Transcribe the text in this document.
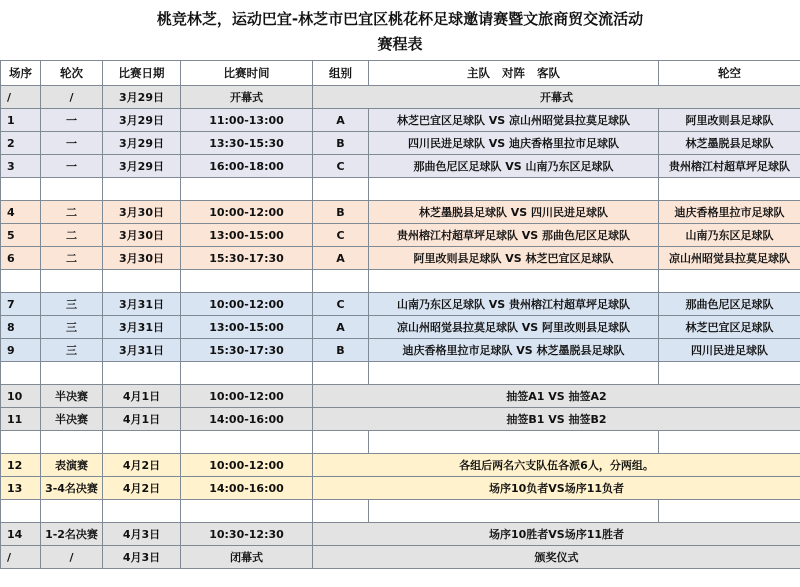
桃竞林芝，运动巴宜-林芝市巴宜区桃花杯足球邀请赛暨文旅商贸交流活动
赛程表
场序	轮次	比赛日期	比赛时间	组别	主队   对阵   客队	轮空
/	/	3月29日	开幕式	开幕式		
1	一	3月29日	11:00-13:00	A	林芝巴宜区足球队 VS 凉山州昭觉县拉莫足球队	阿里改则县足球队
2	一	3月29日	13:30-15:30	B	四川民进足球队 VS 迪庆香格里拉市足球队	林芝墨脱县足球队
3	一	3月29日	16:00-18:00	C	那曲色尼区足球队 VS 山南乃东区足球队	贵州榕江村超草坪足球队

4	二	3月30日	10:00-12:00	B	林芝墨脱县足球队 VS 四川民进足球队	迪庆香格里拉市足球队
5	二	3月30日	13:00-15:00	C	贵州榕江村超草坪足球队 VS 那曲色尼区足球队	山南乃东区足球队
6	二	3月30日	15:30-17:30	A	阿里改则县足球队 VS 林芝巴宜区足球队	凉山州昭觉县拉莫足球队

7	三	3月31日	10:00-12:00	C	山南乃东区足球队 VS 贵州榕江村超草坪足球队	那曲色尼区足球队
8	三	3月31日	13:00-15:00	A	凉山州昭觉县拉莫足球队 VS 阿里改则县足球队	林芝巴宜区足球队
9	三	3月31日	15:30-17:30	B	迪庆香格里拉市足球队 VS 林芝墨脱县足球队	四川民进足球队

10	半决赛	4月1日	10:00-12:00	抽签A1 VS 抽签A2		
11	半决赛	4月1日	14:00-16:00	抽签B1 VS 抽签B2		

12	表演赛	4月2日	10:00-12:00	各组后两名六支队伍各派6人，分两组。		
13	3-4名决赛	4月2日	14:00-16:00	场序10负者VS场序11负者		

14	1-2名决赛	4月3日	10:30-12:30	场序10胜者VS场序11胜者		
/	/	4月3日	闭幕式	颁奖仪式		
